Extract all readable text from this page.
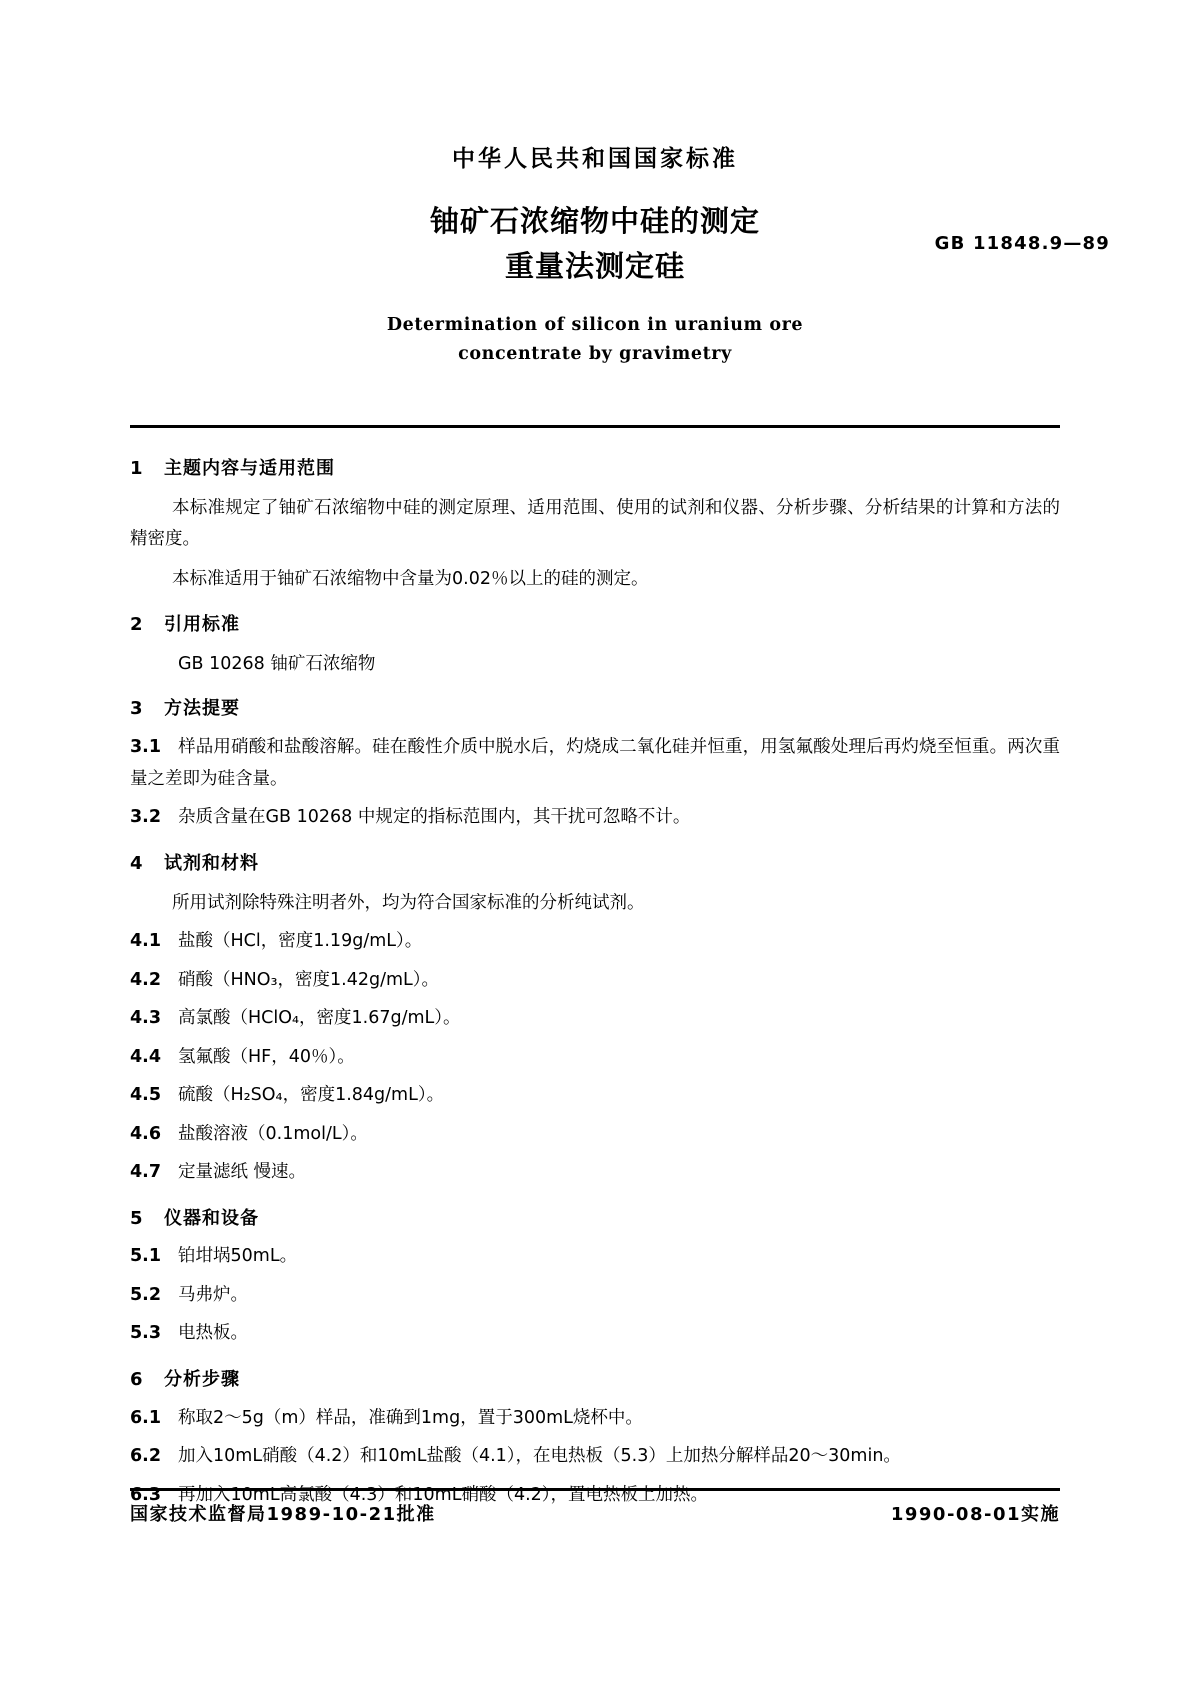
中华人民共和国国家标准
铀矿石浓缩物中硅的测定
重量法测定硅
GB 11848.9—89
Determination of silicon in uranium ore
concentrate by gravimetry
1 主题内容与适用范围
本标准规定了铀矿石浓缩物中硅的测定原理、适用范围、使用的试剂和仪器、分析步骤、分析结果的计算和方法的精密度。
本标准适用于铀矿石浓缩物中含量为0.02％以上的硅的测定。
2 引用标准
GB 10268 铀矿石浓缩物
3 方法提要
3.1 样品用硝酸和盐酸溶解。硅在酸性介质中脱水后，灼烧成二氧化硅并恒重，用氢氟酸处理后再灼烧至恒重。两次重量之差即为硅含量。
3.2 杂质含量在GB 10268 中规定的指标范围内，其干扰可忽略不计。
4 试剂和材料
所用试剂除特殊注明者外，均为符合国家标准的分析纯试剂。
4.1 盐酸（HCl，密度1.19g/mL）。
4.2 硝酸（HNO₃，密度1.42g/mL）。
4.3 高氯酸（HClO₄，密度1.67g/mL）。
4.4 氢氟酸（HF，40％）。
4.5 硫酸（H₂SO₄，密度1.84g/mL）。
4.6 盐酸溶液（0.1mol/L）。
4.7 定量滤纸 慢速。
5 仪器和设备
5.1 铂坩埚50mL。
5.2 马弗炉。
5.3 电热板。
6 分析步骤
6.1 称取2～5g（m）样品，准确到1mg，置于300mL烧杯中。
6.2 加入10mL硝酸（4.2）和10mL盐酸（4.1），在电热板（5.3）上加热分解样品20～30min。
6.3 再加入10mL高氯酸（4.3）和10mL硝酸（4.2），置电热板上加热。
国家技术监督局1989-10-21批准	1990-08-01实施
